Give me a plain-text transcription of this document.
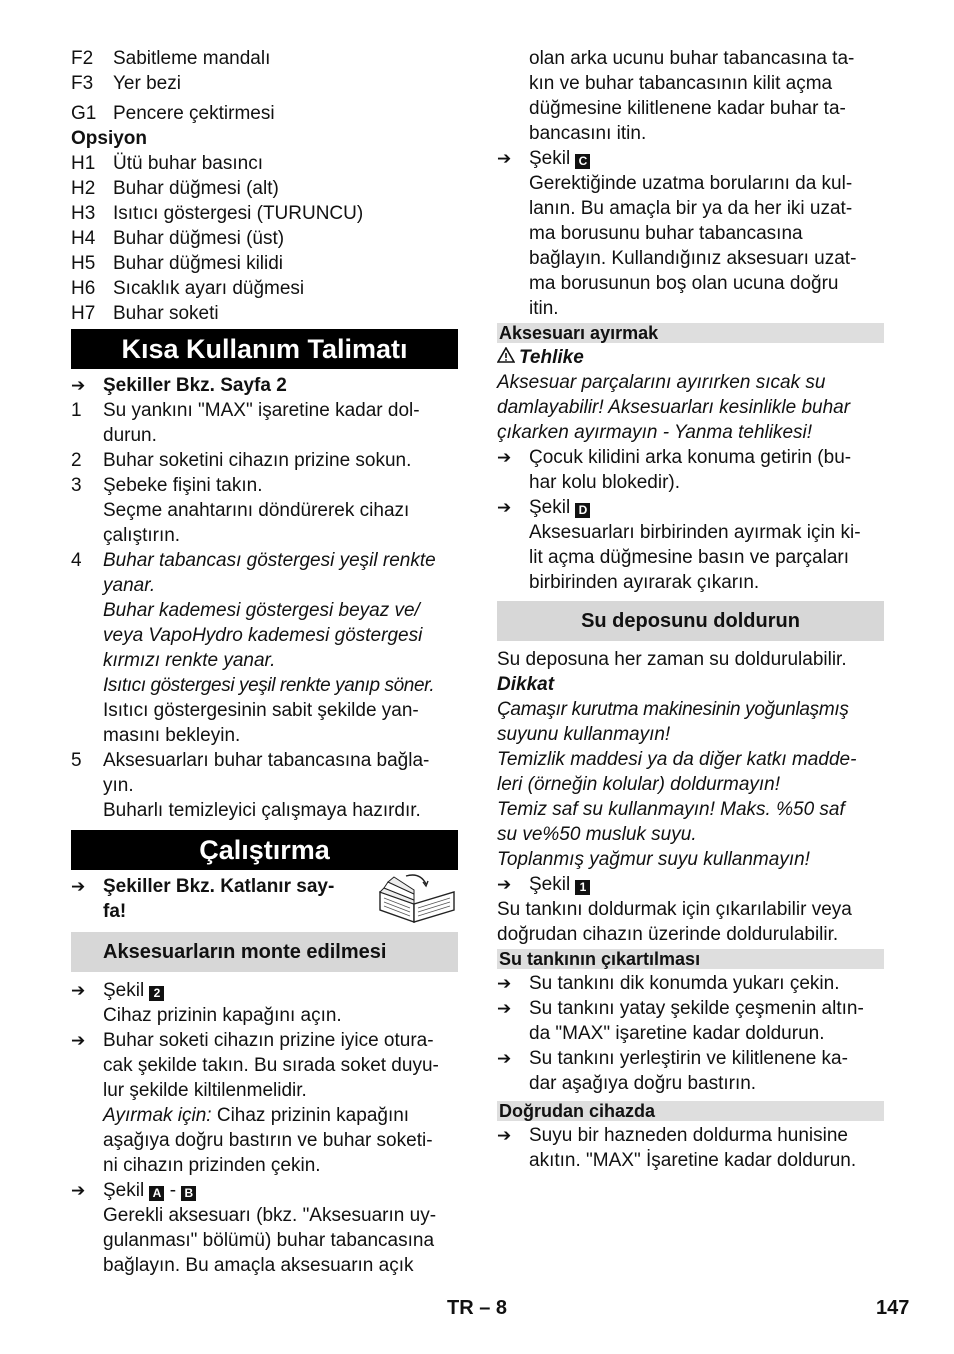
F2	Sabitleme mandalı
F3	Yer bezi
G1 Pencere çektirmesi
Opsiyon
H1 Ütü buhar basıncı
H2 Buhar düğmesi (alt)
H3 Isıtıcı göstergesi (TURUNCU)
H4 Buhar düğmesi (üst)
H5 Buhar düğmesi kilidi
H6 Sıcaklık ayarı düğmesi
H7 Buhar soketi
Kısa Kullanım Talimatı
➔ Şekiller Bkz. Sayfa 2
1	Su yankını "MAX" işaretine kadar dol-
durun.
2	Buhar soketini cihazın prizine sokun.
3	Şebeke fişini takın.
Seçme anahtarını döndürerek cihazı
çalıştırın.
4	Buhar tabancası göstergesi yeşil renkte
yanar.
Buhar kademesi göstergesi beyaz ve/
veya VapoHydro kademesi göstergesi
kırmızı renkte yanar.
Isıtıcı göstergesi yeşil renkte yanıp söner.
Isıtıcı göstergesinin sabit şekilde yan-
masını bekleyin.
5	Aksesuarları buhar tabancasına bağla-
yın.
Buharlı temizleyici çalışmaya hazırdır.
Çalıştırma
➔ Şekiller Bkz. Katlanır say-
fa!
Aksesuarların monte edilmesi
➔ Şekil 2
Cihaz prizinin kapağını açın.
➔ Buhar soketi cihazın prizine iyice otura-
cak şekilde takın. Bu sırada soket duyu-
lur şekilde kiltilenmelidir.
Ayırmak için: Cihaz prizinin kapağını
aşağıya doğru bastırın ve buhar soketi-
ni cihazın prizinden çekin.
➔ Şekil A - B
Gerekli aksesuarı (bkz. "Aksesuarın uy-
gulanması" bölümü) buhar tabancasına
bağlayın. Bu amaçla aksesuarın açık
olan arka ucunu buhar tabancasına ta-
kın ve buhar tabancasının kilit açma
düğmesine kilitlenene kadar buhar ta-
bancasını itin.
➔ Şekil C
Gerektiğinde uzatma borularını da kul-
lanın. Bu amaçla bir ya da her iki uzat-
ma borusunu buhar tabancasına
bağlayın. Kullandığınız aksesuarı uzat-
ma borusunun boş olan ucuna doğru
itin.
Aksesuarı ayırmak
Tehlike
Aksesuar parçalarını ayırırken sıcak su
damlayabilir! Aksesuarları kesinlikle buhar
çıkarken ayırmayın - Yanma tehlikesi!
➔ Çocuk kilidini arka konuma getirin (bu-
har kolu blokedir).
➔ Şekil D
Aksesuarları birbirinden ayırmak için ki-
lit açma düğmesine basın ve parçaları
birbirinden ayırarak çıkarın.
Su deposunu doldurun
Su deposuna her zaman su doldurulabilir.
Dikkat
Çamaşır kurutma makinesinin yoğunlaşmış
suyunu kullanmayın!
Temizlik maddesi ya da diğer katkı madde-
leri (örneğin kolular) doldurmayın!
Temiz saf su kullanmayın! Maks. %50 saf
su ve%50 musluk suyu.
Toplanmış yağmur suyu kullanmayın!
➔ Şekil 1
Su tankını doldurmak için çıkarılabilir veya
doğrudan cihazın üzerinde doldurulabilir.
Su tankının çıkartılması
➔ Su tankını dik konumda yukarı çekin.
➔ Su tankını yatay şekilde çeşmenin altın-
da "MAX" işaretine kadar doldurun.
➔ Su tankını yerleştirin ve kilitlenene ka-
dar aşağıya doğru bastırın.
Doğrudan cihazda
➔ Suyu bir hazneden doldurma hunisine
akıtın. "MAX" İşaretine kadar doldurun.
TR – 8	147
